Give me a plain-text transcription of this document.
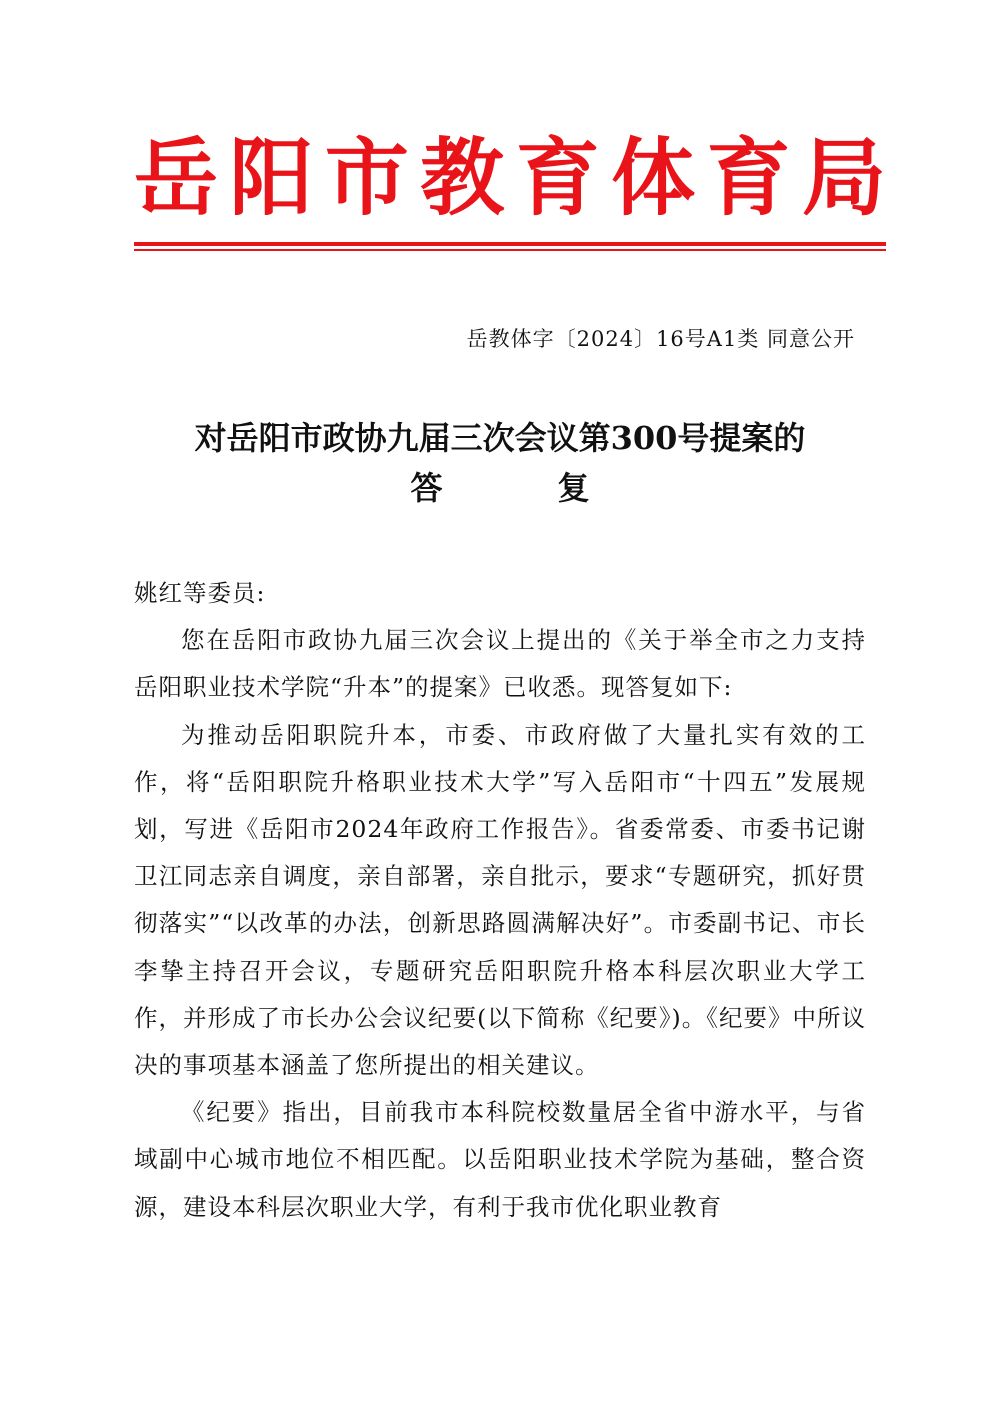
岳 阳 市 教 育 体 育 局
岳教体字〔2024〕16号A1类 同意公开
对岳阳市政协九届三次会议第300号提案的
答复

姚红等委员:

您在岳阳市政协九届三次会议上提出的《关于举全市之力支持岳阳职业技术学院“升本”的提案》已收悉。现答复如下:

为推动岳阳职院升本，市委、市政府做了大量扎实有效的工作，将“岳阳职院升格职业技术大学”写入岳阳市“十四五”发展规划，写进《岳阳市2024年政府工作报告》。省委常委、市委书记谢卫江同志亲自调度，亲自部署，亲自批示，要求“专题研究，抓好贯彻落实”“以改革的办法，创新思路圆满解决好”。市委副书记、市长李挚主持召开会议，专题研究岳阳职院升格本科层次职业大学工作，并形成了市长办公会议纪要(以下简称《纪要》)。《纪要》中所议决的事项基本涵盖了您所提出的相关建议。

《纪要》指出，目前我市本科院校数量居全省中游水平，与省域副中心城市地位不相匹配。以岳阳职业技术学院为基础，整合资源，建设本科层次职业大学，有利于我市优化职业教育
